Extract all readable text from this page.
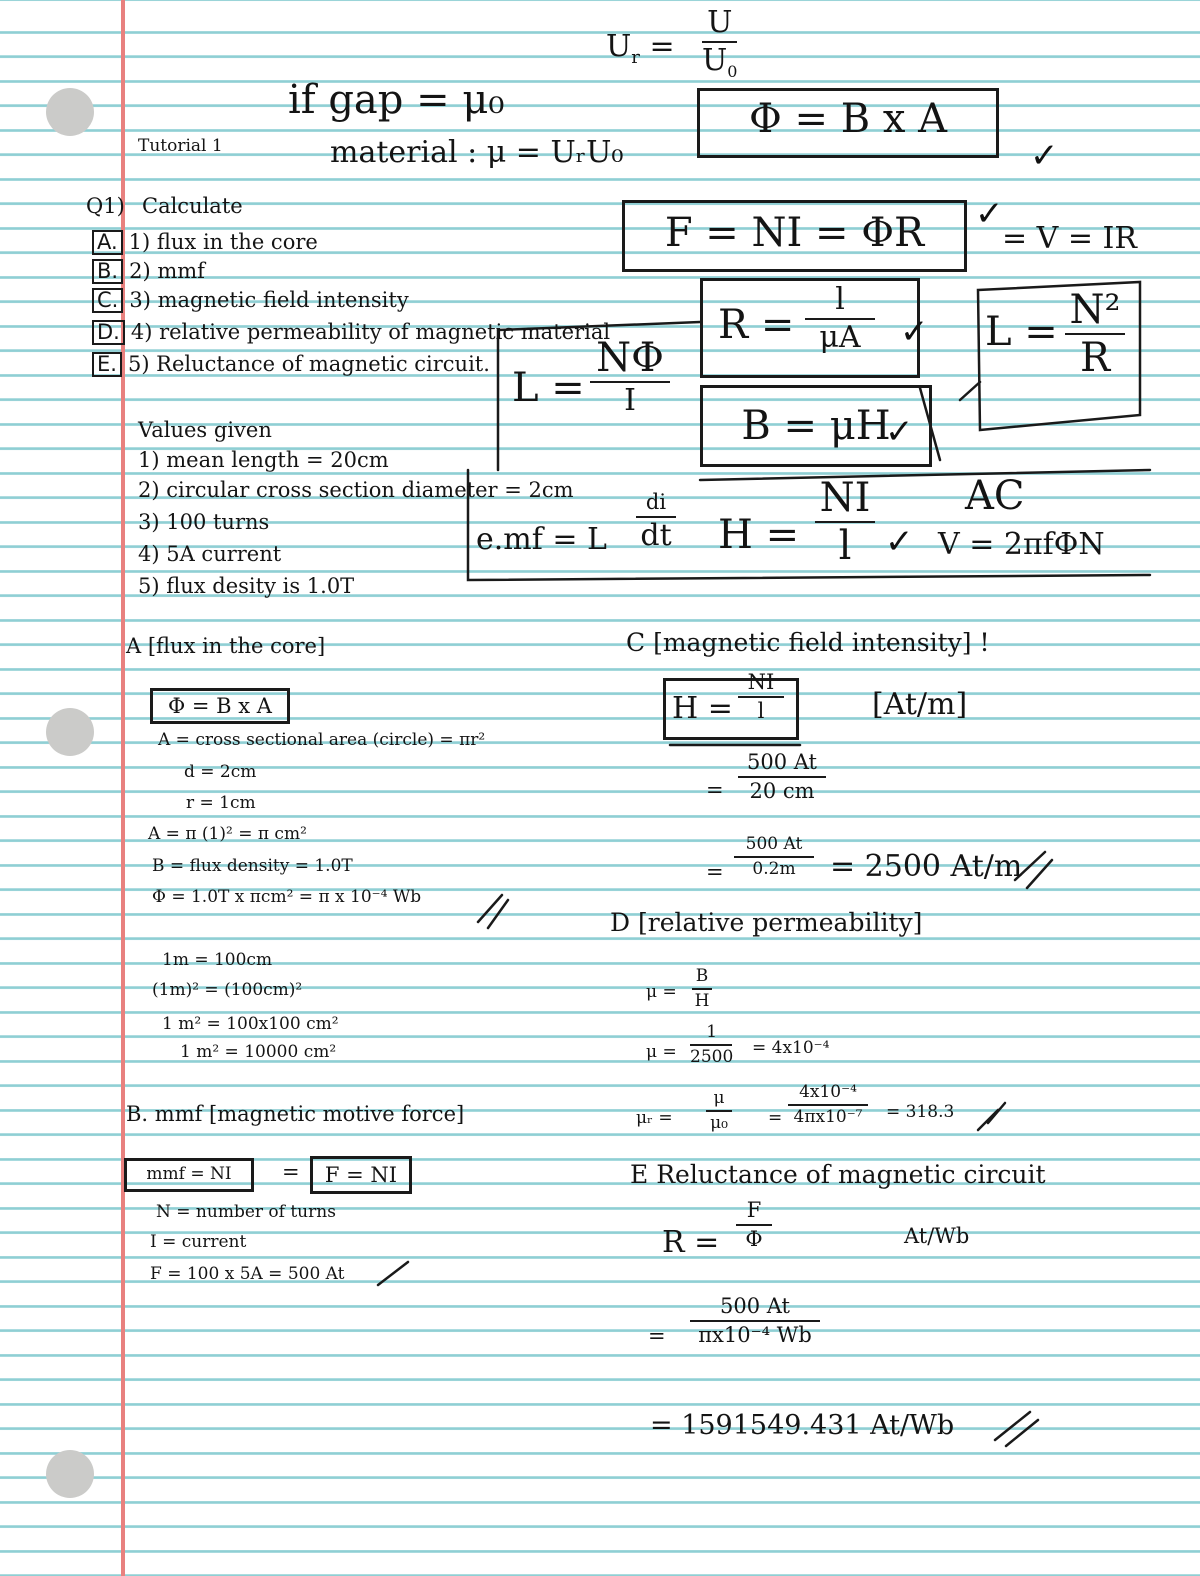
Tutorial 1
$U_r$ =
U
$U_0$
if gap = μ₀
material : μ = UᵣU₀
Φ = B x A
✓
F = NI = ΦR	✓
= V = IR
R =
l
μA ✓ L = N²
R
L =
NΦ
I
B = μH
✓
e.mf = L
di
dt H =
NI
l ✓
AC
V = 2πfΦN
Q1) Calculate
A. 1) flux in the core
B. 2) mmf
C. 3) magnetic field intensity
D. 4) relative permeability of magnetic material
E. 5) Reluctance of magnetic circuit.
Values given
1) mean length = 20cm
2) circular cross section diameter = 2cm
3) 100 turns
4) 5A current
5) flux desity is 1.0T
A [flux in the core]
Φ = B x A
A = cross sectional area (circle) = πr²
d = 2cm
r = 1cm
A = π (1)² = π cm²
B = flux density = 1.0T
Φ = 1.0T x πcm² = π x 10⁻⁴ Wb
1m = 100cm
(1m)² = (100cm)²
1 m² = 100x100 cm²
1 m² = 10000 cm²
B. mmf [magnetic motive force]
mmf = NI	=	F = NI
N = number of turns
I = current
F = 100 x 5A = 500 At
C [magnetic field intensity] !
H =
NI
l	[At/m]
=
500 At
20 cm
=
500 At
0.2m = 2500 At/m
D [relative permeability]
μ =
B
H
μ =
1
2500 = 4x10⁻⁴
μᵣ =
μ
μ₀ =
4x10⁻⁴
4πx10⁻⁷ = 318.3
E Reluctance of magnetic circuit
R =
F
Φ	At/Wb
=
500 At
πx10⁻⁴ Wb
= 1591549.431 At/Wb
